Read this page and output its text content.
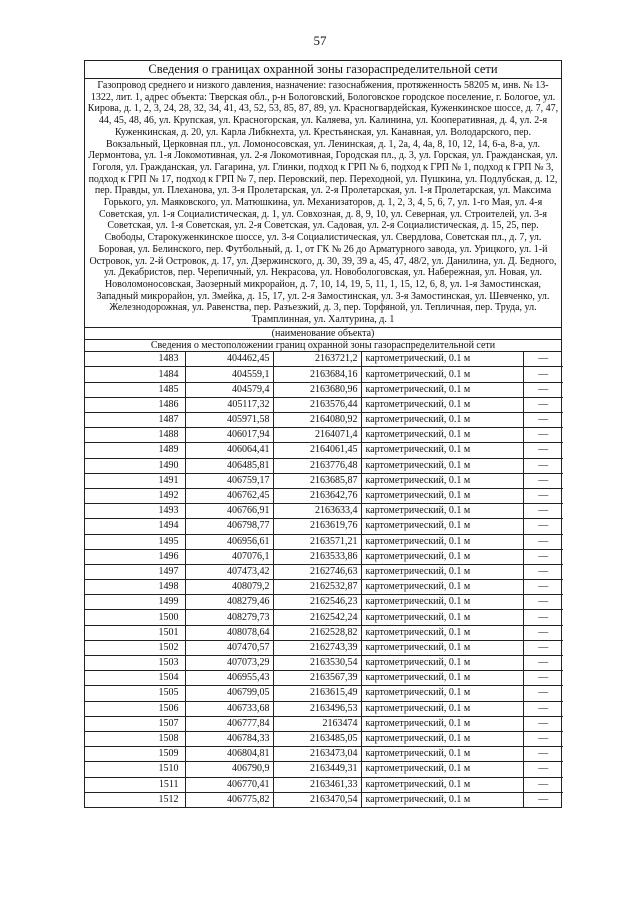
57
Сведения о границах охранной зоны газораспределительной сети
Газопровод среднего и низкого давления, назначение: газоснабжения, протяженность 58205 м, инв. № 13-1322, лит. 1, адрес объекта: Тверская обл., р-н Бологовский, Бологовское городское поселение, г. Бологое, ул. Кирова, д. 1, 2, 3, 24, 28, 32, 34, 41, 43, 52, 53, 85, 87, 89, ул. Красногвардейская, Куженкинское шоссе, д. 7, 47, 44, 45, 48, 46, ул. Крупская, ул. Красногорская, ул. Каляева, ул. Калинина, ул. Кооперативная, д. 4, ул. 2-я Куженкинская, д. 20, ул. Карла Либкнехта, ул. Крестьянская, ул. Канавная, ул. Володарского, пер. Вокзальный, Церковная пл., ул. Ломоносовская, ул. Ленинская, д. 1, 2а, 4, 4а, 8, 10, 12, 14, 6-а, 8-а, ул. Лермонтова, ул. 1-я Локомотивная, ул. 2-я Локомотивная, Городская пл., д. 3, ул. Горская, ул. Гражданская, ул. Гоголя, ул. Гражданская, ул. Гагарина, ул. Глинки, подход к ГРП № 6, подход к ГРП № 1, подход к ГРП № 3, подход к ГРП № 17, подход к ГРП № 7, пер. Перовский, пер. Переходной, ул. Пушкина, ул. Подлубская, д. 12, пер. Правды, ул. Плеханова, ул. 3-я Пролетарская, ул. 2-я Пролетарская, ул. 1-я Пролетарская, ул. Максима Горького, ул. Маяковского, ул. Матюшкина, ул. Механизаторов, д. 1, 2, 3, 4, 5, 6, 7, ул. 1-го Мая, ул. 4-я Советская, ул. 1-я Социалистическая, д. 1, ул. Совхозная, д. 8, 9, 10, ул. Северная, ул. Строителей, ул. 3-я Советская, ул. 1-я Советская, ул. 2-я Советская, ул. Садовая, ул. 2-я Социалистическая, д. 15, 25, пер. Свободы, Старокуженкинское шоссе, ул. 3-я Социалистическая, ул. Свердлова, Советская пл., д. 7, ул. Боровая, ул. Белинского, пер. Футбольный, д. 1, от ГК № 26 до Арматурного завода, ул. Урицкого, ул. 1-й Островок, ул. 2-й Островок, д. 17, ул. Дзержинского, д. 30, 39, 39 а, 45, 47, 48/2, ул. Данилина, ул. Д. Бедного, ул. Декабристов, пер. Черепичный, ул. Некрасова, ул. Новобологовская, ул. Набережная, ул. Новая, ул. Новоломоносовская, Заозерный микрорайон, д. 7, 10, 14, 19, 5, 11, 1, 15, 12, 6, 8, ул. 1-я Замостинская, Западный микрорайон, ул. Змейка, д. 15, 17, ул. 2-я Замостинская, ул. 3-я Замостинская, ул. Шевченко, ул. Железнодорожная, ул. Равенства, пер. Разъезжий, д. 3, пер. Торфяной, ул. Тепличная, пер. Труда, ул. Трамплинная, ул. Халтурина, д. 1
(наименование объекта)
Сведения о местоположении границ охранной зоны газораспределительной сети
1483	404462,45	2163721,2	картометрический, 0.1 м	—
1484	404559,1	2163684,16	картометрический, 0.1 м	—
1485	404579,4	2163680,96	картометрический, 0.1 м	—
1486	405117,32	2163576,44	картометрический, 0.1 м	—
1487	405971,58	2164080,92	картометрический, 0.1 м	—
1488	406017,94	2164071,4	картометрический, 0.1 м	—
1489	406064,41	2164061,45	картометрический, 0.1 м	—
1490	406485,81	2163776,48	картометрический, 0.1 м	—
1491	406759,17	2163685,87	картометрический, 0.1 м	—
1492	406762,45	2163642,76	картометрический, 0.1 м	—
1493	406766,91	2163633,4	картометрический, 0.1 м	—
1494	406798,77	2163619,76	картометрический, 0.1 м	—
1495	406956,61	2163571,21	картометрический, 0.1 м	—
1496	407076,1	2163533,86	картометрический, 0.1 м	—
1497	407473,42	2162746,63	картометрический, 0.1 м	—
1498	408079,2	2162532,87	картометрический, 0.1 м	—
1499	408279,46	2162546,23	картометрический, 0.1 м	—
1500	408279,73	2162542,24	картометрический, 0.1 м	—
1501	408078,64	2162528,82	картометрический, 0.1 м	—
1502	407470,57	2162743,39	картометрический, 0.1 м	—
1503	407073,29	2163530,54	картометрический, 0.1 м	—
1504	406955,43	2163567,39	картометрический, 0.1 м	—
1505	406799,05	2163615,49	картометрический, 0.1 м	—
1506	406733,68	2163496,53	картометрический, 0.1 м	—
1507	406777,84	2163474	картометрический, 0.1 м	—
1508	406784,33	2163485,05	картометрический, 0.1 м	—
1509	406804,81	2163473,04	картометрический, 0.1 м	—
1510	406790,9	2163449,31	картометрический, 0.1 м	—
1511	406770,41	2163461,33	картометрический, 0.1 м	—
1512	406775,82	2163470,54	картометрический, 0.1 м	—
